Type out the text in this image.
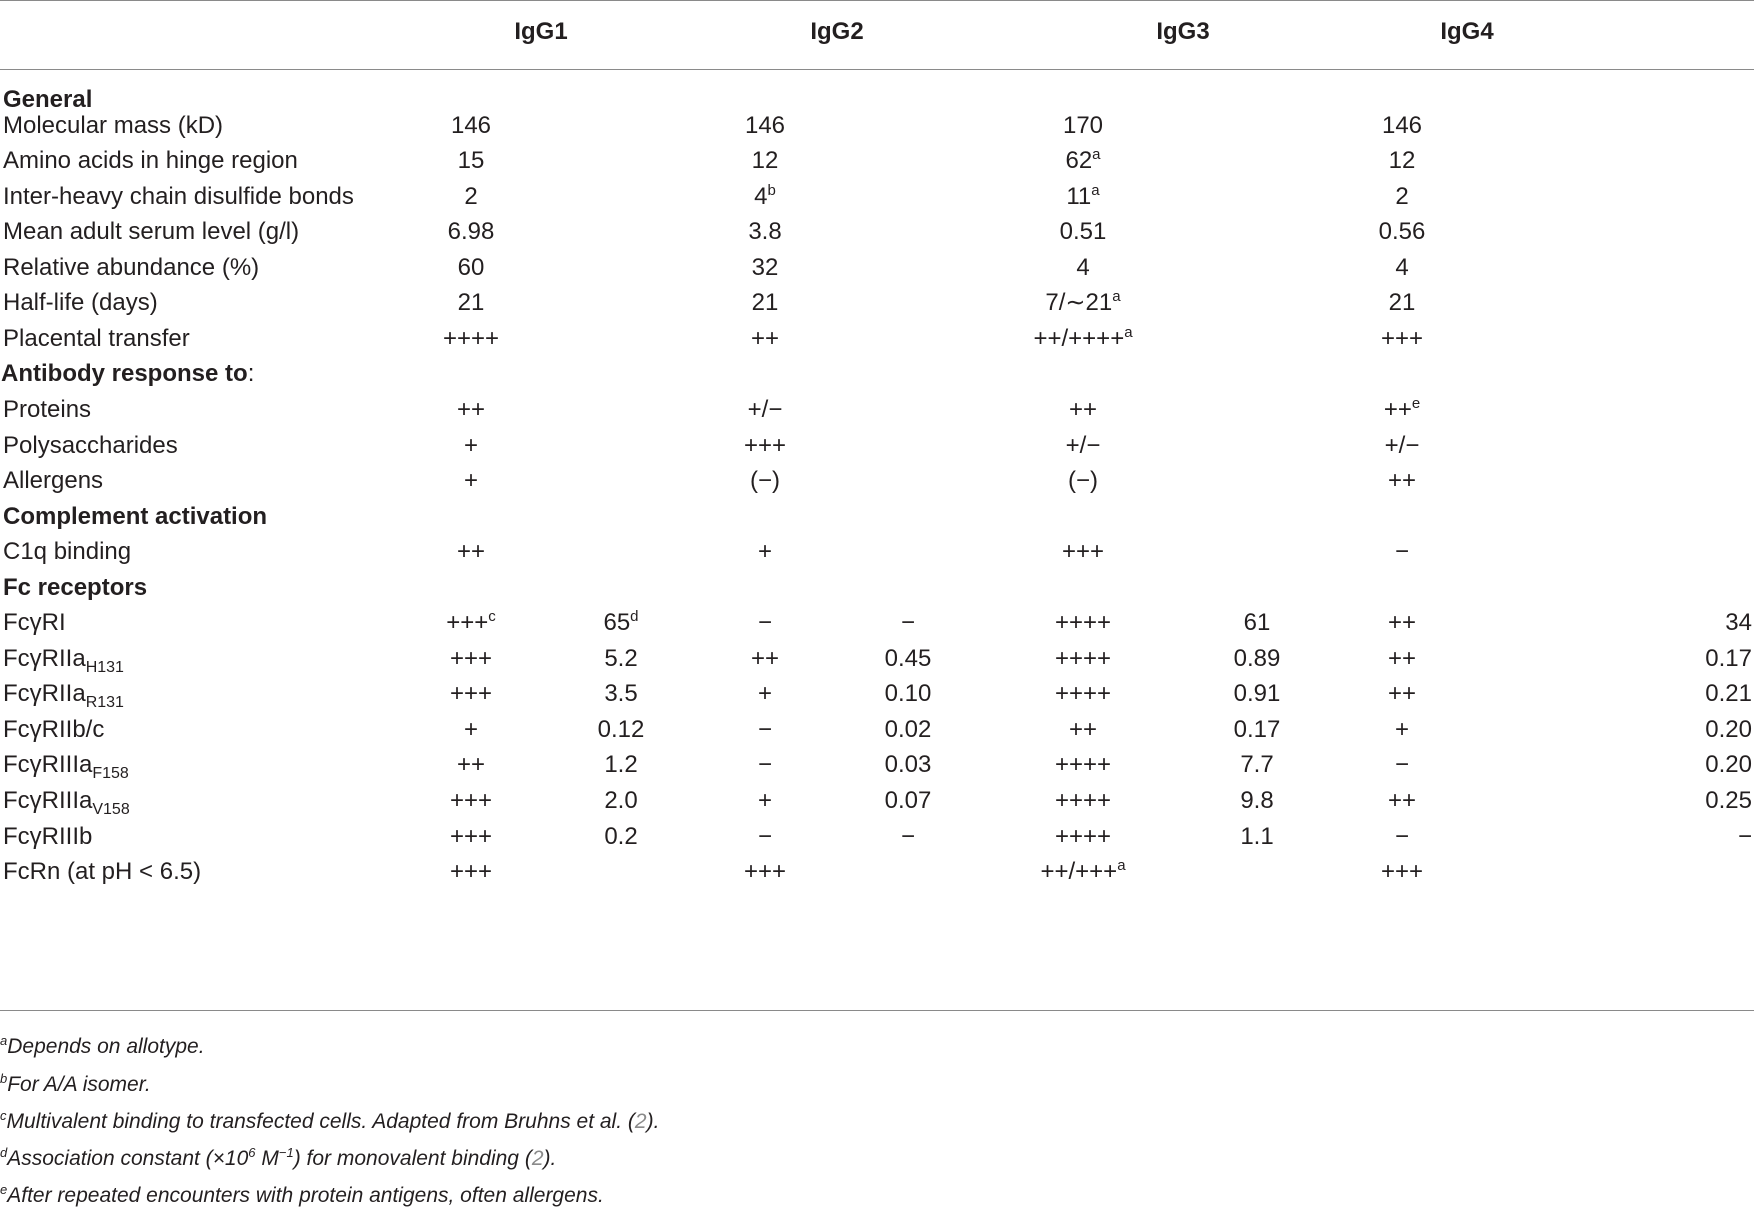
IgG1	IgG2	IgG3	IgG4
General
Molecular mass (kD)	146	146	170	146
Amino acids in hinge region	15	12	62$^a$	12
Inter-heavy chain disulfide bonds	2	4$^b$	11$^a$	2
Mean adult serum level (g/l)	6.98	3.8	0.51	0.56
Relative abundance (%)	60	32	4	4
Half-life (days)	21	21	7/∼21$^a$	21
Placental transfer	++++	++	++/++++$^a$	+++
Antibody response to:
Proteins	++	+/−	++	++$^e$
Polysaccharides	+	+++	+/−	+/−
Allergens	+	(−)	(−)	++
Complement activation
C1q binding	++	+	+++	−
Fc receptors
FcγRI	+++$^c$	$65^d$	−	−	++++	61	++	34
FcγRIIa$_{H131}$	+++	5.2	++	0.45	++++	0.89	++	0.17
FcγRIIa$_{R131}$	+++	3.5	+	0.10	++++	0.91	++	0.21
FcγRIIb/c	+	0.12	−	0.02	++	0.17	+	0.20
FcγRIIIa$_{F158}$	++	1.2	−	0.03	++++	7.7	−	0.20
FcγRIIIa$_{V158}$	+++	2.0	+	0.07	++++	9.8	++	0.25
FcγRIIIb	+++	0.2	−	−	++++	1.1	−	−
FcRn (at pH < 6.5)	+++	+++	++/+++$^a$	+++
$^a$Depends on allotype.
$^b$For A/A isomer.
$^c$Multivalent binding to transfected cells. Adapted from Bruhns et al. (2).
$^d$Association constant ($\times 10^6$ $M^{-1}$) for monovalent binding (2).
$^e$After repeated encounters with protein antigens, often allergens.
